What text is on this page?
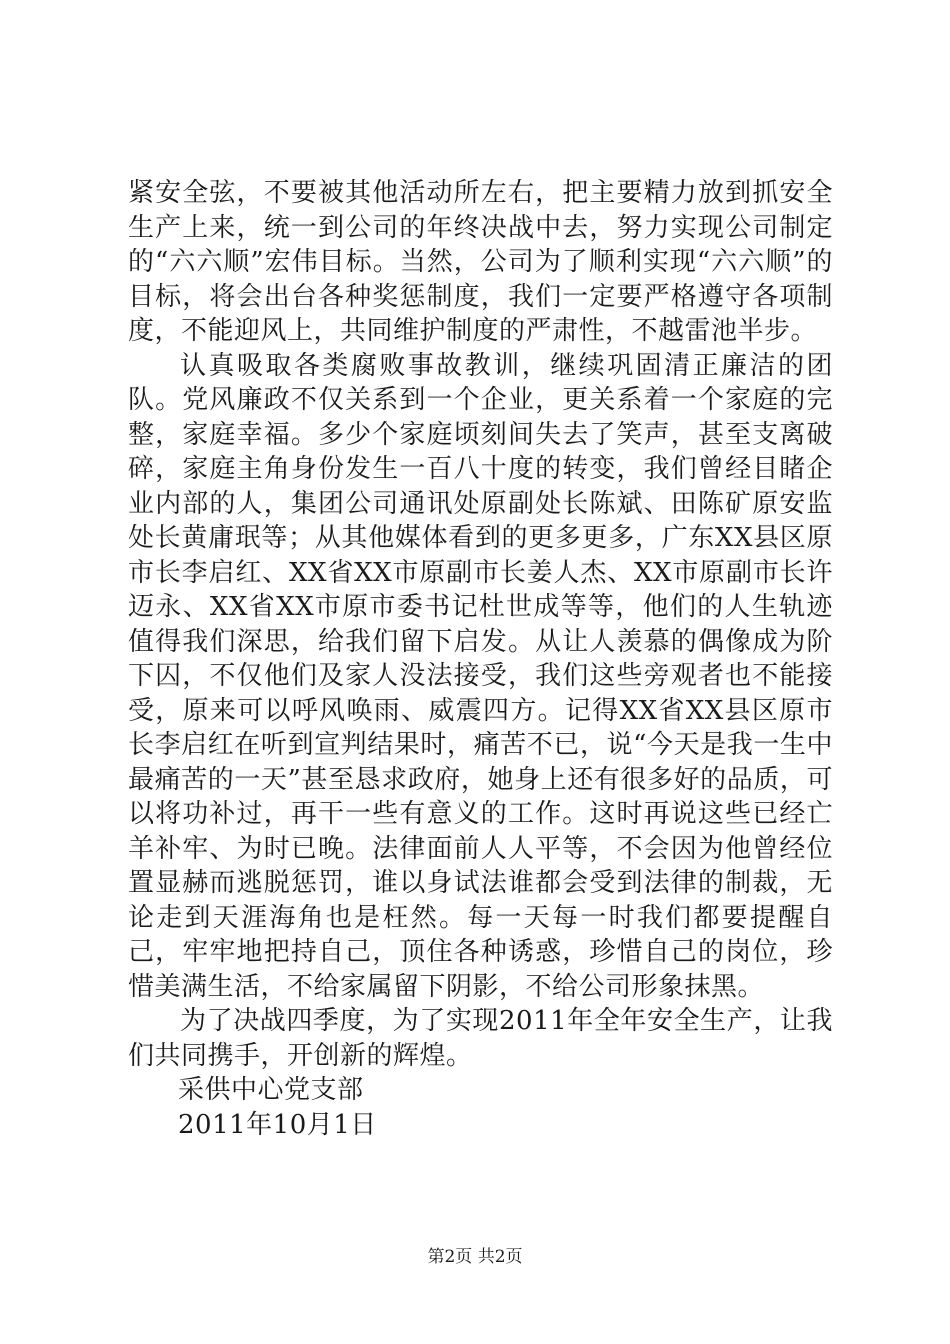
紧安全弦，不要被其他活动所左右，把主要精力放到抓安全生产上来，统一到公司的年终决战中去，努力实现公司制定的“六六顺”宏伟目标。当然，公司为了顺利实现“六六顺”的目标，将会出台各种奖惩制度，我们一定要严格遵守各项制度，不能迎风上，共同维护制度的严肃性，不越雷池半步。

认真吸取各类腐败事故教训，继续巩固清正廉洁的团队。党风廉政不仅关系到一个企业，更关系着一个家庭的完整，家庭幸福。多少个家庭顷刻间失去了笑声，甚至支离破碎，家庭主角身份发生一百八十度的转变，我们曾经目睹企业内部的人，集团公司通讯处原副处长陈斌、田陈矿原安监处长黄庸珉等；从其他媒体看到的更多更多，广东XX县区原市长李启红、XX省XX市原副市长姜人杰、XX市原副市长许迈永、XX省XX市原市委书记杜世成等等，他们的人生轨迹值得我们深思，给我们留下启发。从让人羡慕的偶像成为阶下囚，不仅他们及家人没法接受，我们这些旁观者也不能接受，原来可以呼风唤雨、威震四方。记得XX省XX县区原市长李启红在听到宣判结果时，痛苦不已，说“今天是我一生中最痛苦的一天”甚至恳求政府，她身上还有很多好的品质，可以将功补过，再干一些有意义的工作。这时再说这些已经亡羊补牢、为时已晚。法律面前人人平等，不会因为他曾经位置显赫而逃脱惩罚，谁以身试法谁都会受到法律的制裁，无论走到天涯海角也是枉然。每一天每一时我们都要提醒自己，牢牢地把持自己，顶住各种诱惑，珍惜自己的岗位，珍惜美满生活，不给家属留下阴影，不给公司形象抹黑。

为了决战四季度，为了实现2011年全年安全生产，让我们共同携手，开创新的辉煌。

采供中心党支部

2011年10月1日

第2页 共2页
